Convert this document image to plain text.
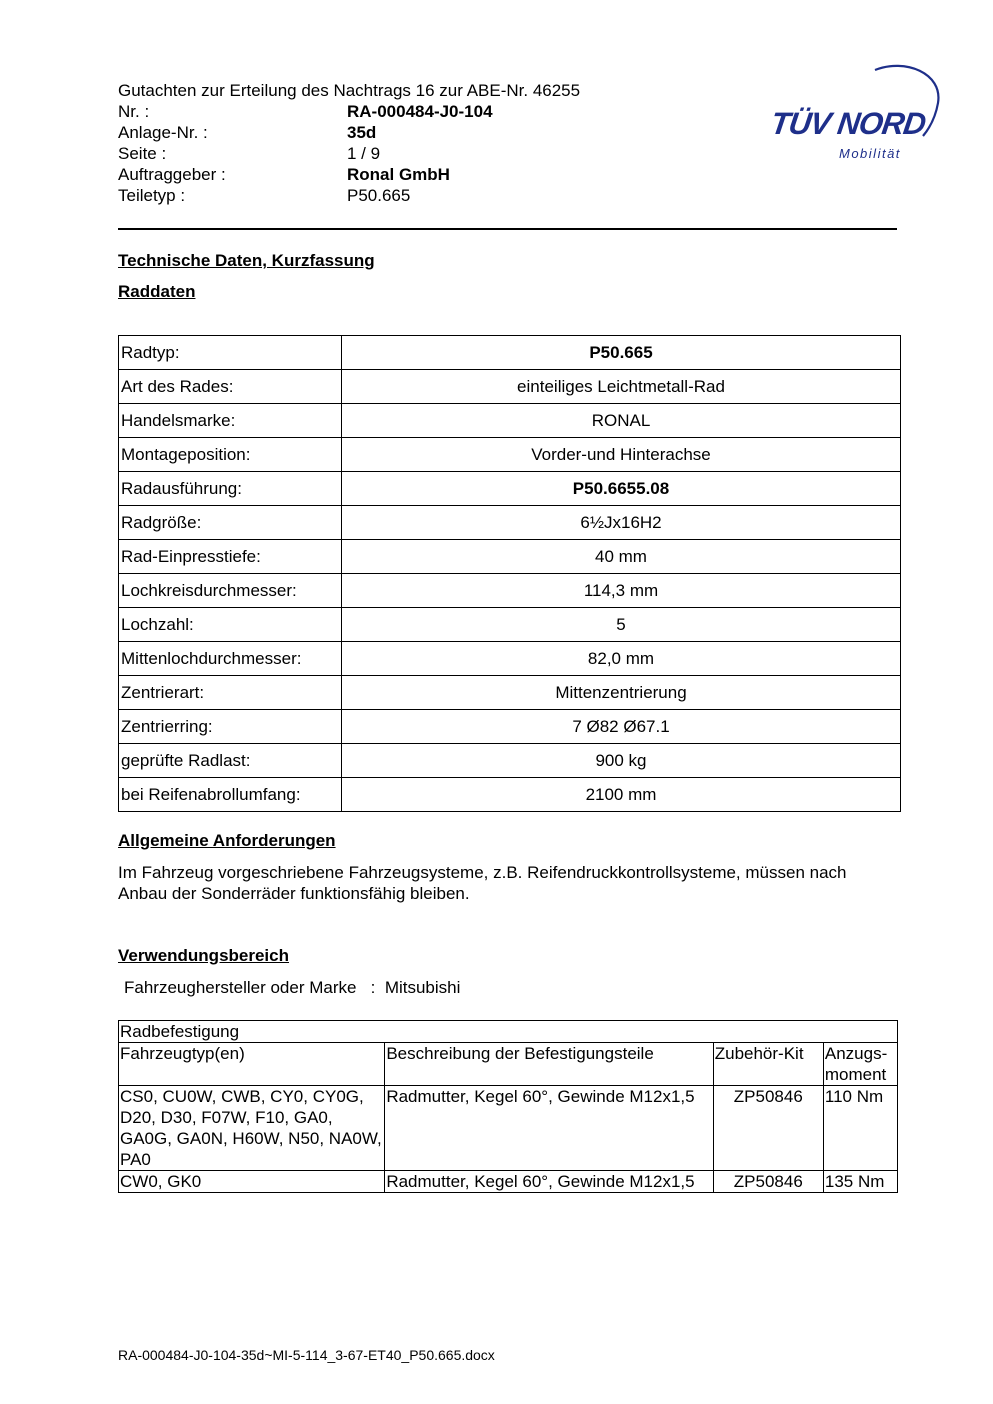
Gutachten zur Erteilung des Nachtrags 16 zur ABE-Nr. 46255
Nr. :	RA-000484-J0-104
Anlage-Nr. :	35d
Seite :	1 / 9
Auftraggeber :	Ronal GmbH
Teiletyp :	P50.665
TÜV NORD
Mobilität
Technische Daten, Kurzfassung
Raddaten
Radtyp:	P50.665
Art des Rades:	einteiliges Leichtmetall-Rad
Handelsmarke:	RONAL
Montageposition:	Vorder-und Hinterachse
Radausführung:	P50.6655.08
Radgröße:	6½Jx16H2
Rad-Einpresstiefe:	40 mm
Lochkreisdurchmesser:	114,3 mm
Lochzahl:	5
Mittenlochdurchmesser:	82,0 mm
Zentrierart:	Mittenzentrierung
Zentrierring:	7 Ø82 Ø67.1
geprüfte Radlast:	900 kg
bei Reifenabrollumfang:	2100 mm
Allgemeine Anforderungen
Im Fahrzeug vorgeschriebene Fahrzeugsysteme, z.B. Reifendruckkontrollsysteme, müssen nach Anbau der Sonderräder funktionsfähig bleiben.
Verwendungsbereich
Fahrzeughersteller oder Marke : Mitsubishi
Radbefestigung			
Fahrzeugtyp(en)	Beschreibung der Befestigungsteile	Zubehör-Kit	Anzugs-moment
CS0, CU0W, CWB, CY0, CY0G, D20, D30, F07W, F10, GA0, GA0G, GA0N, H60W, N50, NA0W, PA0	Radmutter, Kegel 60°, Gewinde M12x1,5	ZP50846	110 Nm
CW0, GK0	Radmutter, Kegel 60°, Gewinde M12x1,5	ZP50846	135 Nm
RA-000484-J0-104-35d~MI-5-114_3-67-ET40_P50.665.docx
